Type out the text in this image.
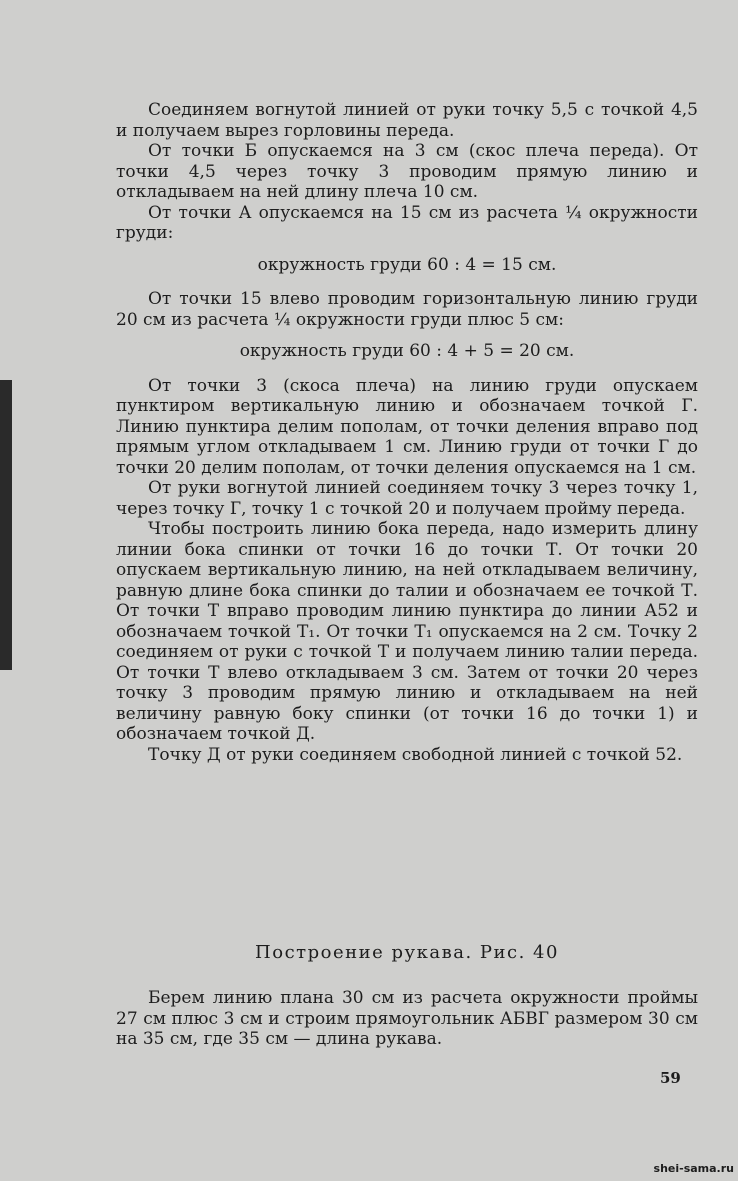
Соединяем вогнутой линией от руки точку 5,5 с точкой 4,5 и получаем вырез горловины переда.

От точки Б опускаемся на 3 см (скос плеча переда). От точки 4,5 через точку 3 проводим прямую линию и откладываем на ней длину плеча 10 см.

От точки А опускаемся на 15 см из расчета ¼ окружности груди:

окружность груди 60 : 4 = 15 см.

От точки 15 влево проводим горизонтальную линию груди 20 см из расчета ¼ окружности груди плюс 5 см:

окружность груди 60 : 4 + 5 = 20 см.

От точки 3 (скоса плеча) на линию груди опускаем пунктиром вертикальную линию и обозначаем точкой Г. Линию пунктира делим пополам, от точки деления вправо под прямым углом откладываем 1 см. Линию груди от точки Г до точки 20 делим пополам, от точки деления опускаемся на 1 см.

От руки вогнутой линией соединяем точку 3 через точку 1, через точку Г, точку 1 с точкой 20 и получаем пройму переда.

Чтобы построить линию бока переда, надо измерить длину линии бока спинки от точки 16 до точки Т. От точки 20 опускаем вертикальную линию, на ней откладываем величину, равную длине бока спинки до талии и обозначаем ее точкой Т. От точки Т вправо проводим линию пунктира до линии А52 и обозначаем точкой Т₁. От точки Т₁ опускаемся на 2 см. Точку 2 соединяем от руки с точкой Т и получаем линию талии переда. От точки Т влево откладываем 3 см. Затем от точки 20 через точку 3 проводим прямую линию и откладываем на ней величину равную боку спинки (от точки 16 до точки 1) и обозначаем точкой Д.

Точку Д от руки соединяем свободной линией с точкой 52.

Построение рукава. Рис. 40

Берем линию плана 30 см из расчета окружности проймы 27 см плюс 3 см и строим прямоугольник АБВГ размером 30 см на 35 см, где 35 см — длина рукава.

59
shei-sama.ru
